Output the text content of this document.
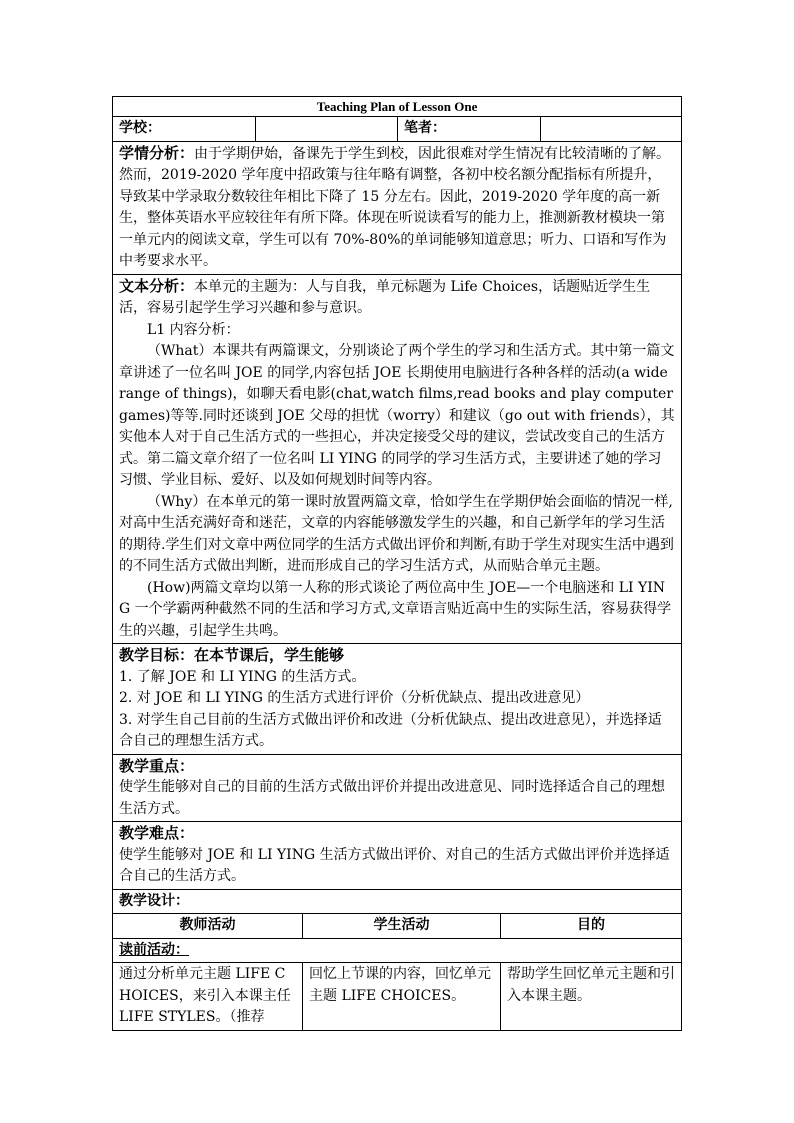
Teaching Plan of Lesson One					
学校：			笔者：		
学情分析：由于学期伊始，备课先于学生到校，因此很难对学生情况有比较清晰的了解。然而，2019-2020 学年度中招政策与往年略有调整，各初中校名额分配指标有所提升，导致某中学录取分数较往年相比下降了 15 分左右。因此，2019-2020 学年度的高一新生，整体英语水平应较往年有所下降。体现在听说读看写的能力上，推测新教材模块一第一单元内的阅读文章，学生可以有 70%-80%的单词能够知道意思；听力、口语和写作为中考要求水平。					

文本分析：本单元的主题为：人与自我，单元标题为 Life Choices，话题贴近学生生活，容易引起学生学习兴趣和参与意识。

L1 内容分析：

（What）本课共有两篇课文，分别谈论了两个学生的学习和生活方式。其中第一篇文章讲述了一位名叫 JOE 的同学,内容包括 JOE 长期使用电脑进行各种各样的活动(a wide range of things)，如聊天看电影(chat,watch films,read books and play computer games)等等.同时还谈到 JOE 父母的担忧（worry）和建议（go out with friends），其实他本人对于自己生活方式的一些担心，并决定接受父母的建议，尝试改变自己的生活方式。第二篇文章介绍了一位名叫 LI YING 的同学的学习生活方式，主要讲述了她的学习习惯、学业目标、爱好、以及如何规划时间等内容。

（Why）在本单元的第一课时放置两篇文章，恰如学生在学期伊始会面临的情况一样,对高中生活充满好奇和迷茫，文章的内容能够激发学生的兴趣，和自己新学年的学习生活的期待.学生们对文章中两位同学的生活方式做出评价和判断,有助于学生对现实生活中遇到的不同生活方式做出判断，进而形成自己的学习生活方式，从而贴合单元主题。

(How)两篇文章均以第一人称的形式谈论了两位高中生 JOE—一个电脑迷和 LI YING 一个学霸两种截然不同的生活和学习方式,文章语言贴近高中生的实际生活，容易获得学生的兴趣，引起学生共鸣。					

教学目标：在本节课后，学生能够

1. 了解 JOE 和 LI YING 的生活方式。

2. 对 JOE 和 LI YING 的生活方式进行评价（分析优缺点、提出改进意见）

3. 对学生自己目前的生活方式做出评价和改进（分析优缺点、提出改进意见），并选择适合自己的理想生活方式。					

教学重点：

使学生能够对自己的目前的生活方式做出评价并提出改进意见、同时选择适合自己的理想生活方式。					

教学难点：

使学生能够对 JOE 和 LI YING 生活方式做出评价、对自己的生活方式做出评价并选择适合自己的生活方式。					

教学设计：					
教师活动		学生活动		目的	
读前活动：					
通过分析单元主题 LIFE CHOICES，来引入本课主任 LIFE STYLES。（推荐		回忆上节课的内容，回忆单元主题 LIFE CHOICES。		帮助学生回忆单元主题和引入本课主题。	
